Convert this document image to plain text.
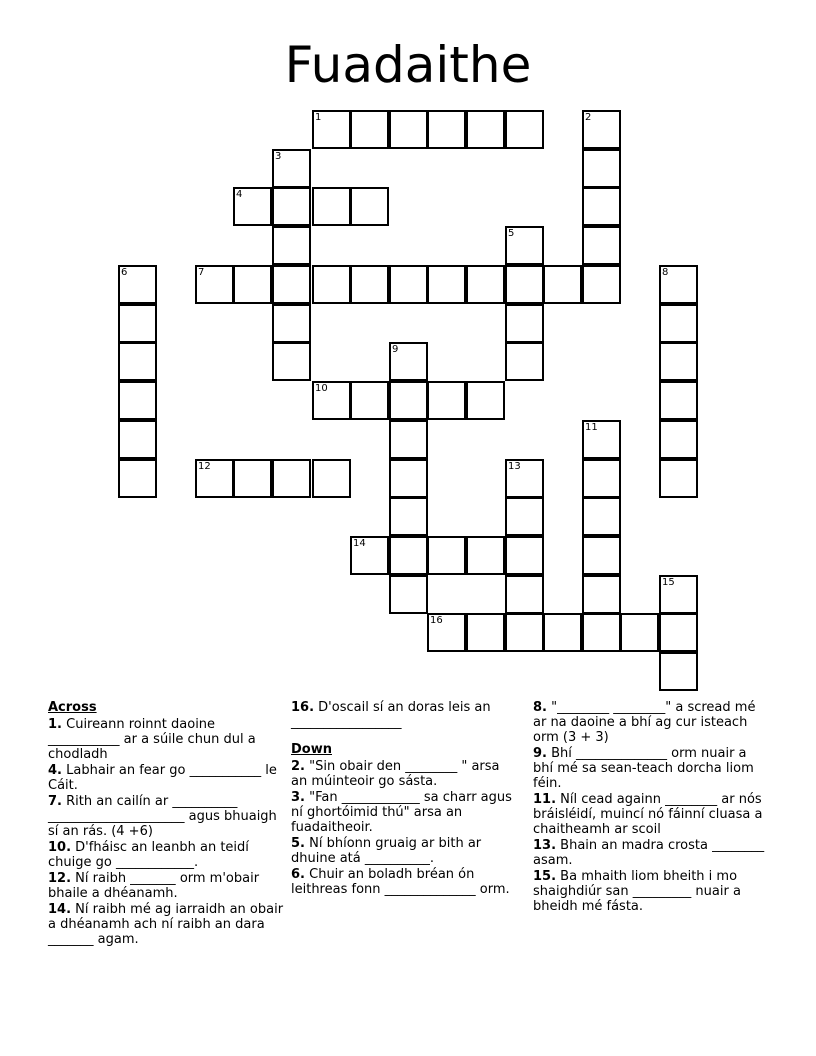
Fuadaithe
1	2
3
4
5
6	7	8
9
10
11
12	13
14
15
16
Across
1. Cuireann roinnt daoine ___________ ar a súile chun dul a chodladh
4. Labhair an fear go ___________ le Cáit.
7. Rith an cailín ar __________ _____________________ agus bhuaigh sí an rás. (4 +6)
10. D'fháisc an leanbh an teidí chuige go ____________.
12. Ní raibh _______ orm m'obair bhaile a dhéanamh.
14. Ní raibh mé ag iarraidh an obair a dhéanamh ach ní raibh an dara _______ agam.
16. D'oscail sí an doras leis an _________________
Down
2. "Sin obair den ________ " arsa an múinteoir go sásta.
3. "Fan ____________ sa charr agus ní ghortóimid thú" arsa an fuadaitheoir.
5. Ní bhíonn gruaig ar bith ar dhuine atá __________.
6. Chuir an boladh bréan ón leithreas fonn ______________ orm.
8. "________ ________" a scread mé ar na daoine a bhí ag cur isteach orm (3 + 3)
9. Bhí ______________ orm nuair a bhí mé sa sean-teach dorcha liom féin.
11. Níl cead againn ________ ar nós bráisléidí, muincí nó fáinní cluasa a chaitheamh ar scoil
13. Bhain an madra crosta ________ asam.
15. Ba mhaith liom bheith i mo shaighdiúr san _________ nuair a bheidh mé fásta.
